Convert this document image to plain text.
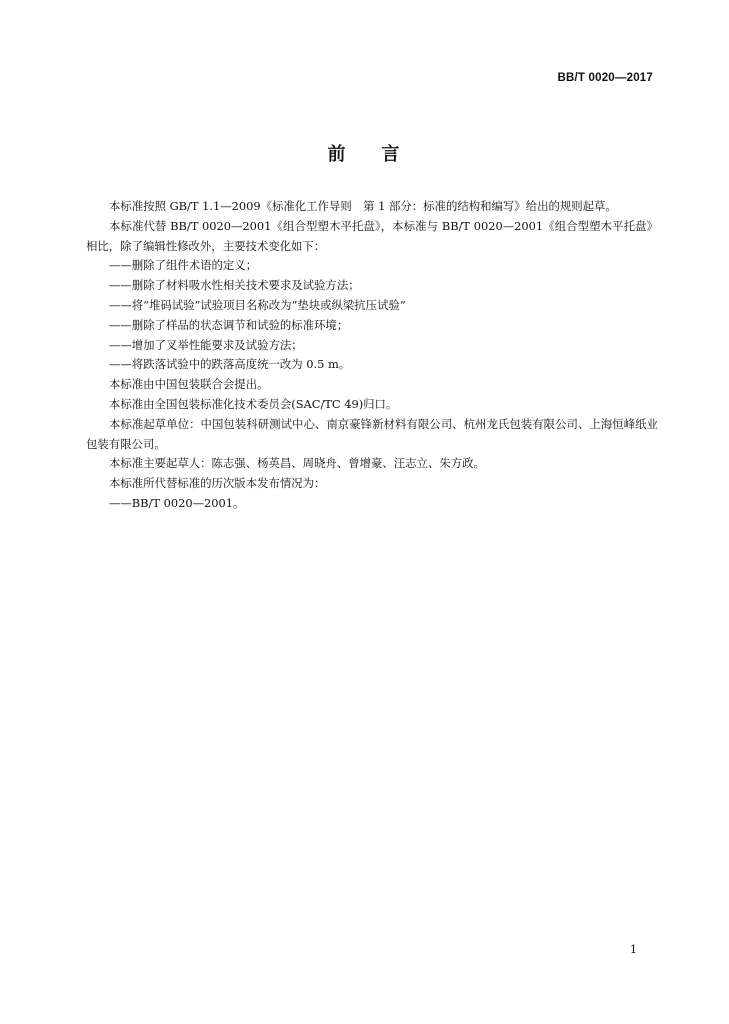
BB/T 0020—2017
前 言

本标准按照 GB/T 1.1—2009《标准化工作导则　第 1 部分：标准的结构和编写》给出的规则起草。

本标准代替 BB/T 0020—2001《组合型塑木平托盘》，本标准与 BB/T 0020—2001《组合型塑木平托盘》相比，除了编辑性修改外，主要技术变化如下：

——删除了组件术语的定义；

——删除了材料吸水性相关技术要求及试验方法；

——将“堆码试验”试验项目名称改为“垫块或纵梁抗压试验”

——删除了样品的状态调节和试验的标准环境；

——增加了叉举性能要求及试验方法；

——将跌落试验中的跌落高度统一改为 0.5 m。

本标准由中国包装联合会提出。

本标准由全国包装标准化技术委员会(SAC/TC 49)归口。

本标准起草单位：中国包装科研测试中心、南京豪锋新材料有限公司、杭州龙氏包装有限公司、上海恒峰纸业包装有限公司。

本标准主要起草人：陈志强、杨英昌、周晓舟、曾增豪、汪志立、朱方政。

本标准所代替标准的历次版本发布情况为：

——BB/T 0020—2001。

1
